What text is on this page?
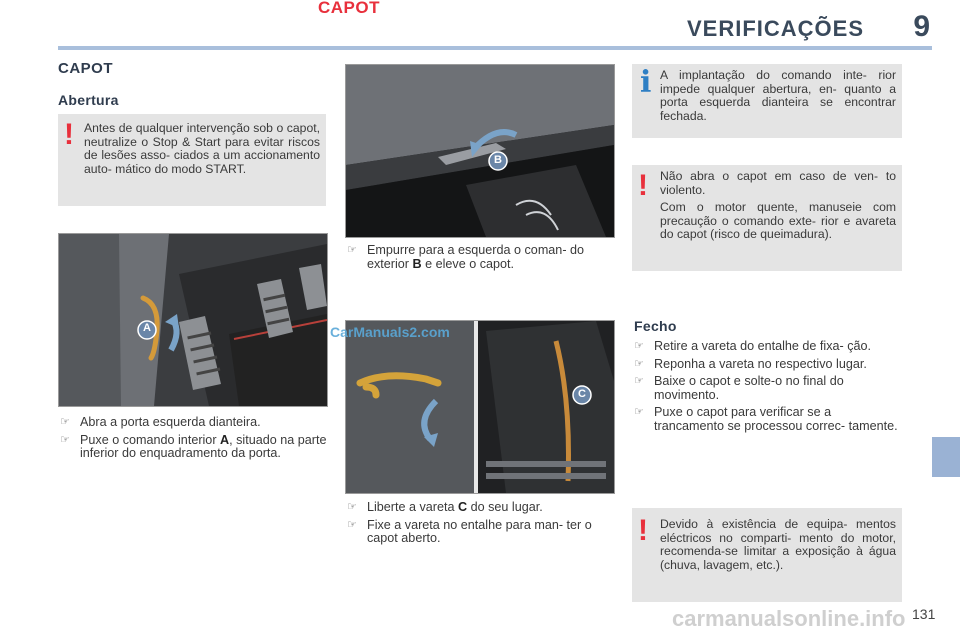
CAPOT
VERIFICAÇÕES 9
CAPOT
Abertura
! Antes de qualquer intervenção sob o capot, neutralize o Stop & Start para evitar riscos de lesões asso- ciados a um accionamento auto- mático do modo START.

A
☞ Abra a porta esquerda dianteira.
☞ Puxe o comando interior A, situado na parte inferior do enquadramento da porta.
B
☞ Empurre para a esquerda o coman- do exterior B e eleve o capot.
C
CarManuals2.com
☞ Liberte a vareta C do seu lugar.
☞ Fixe a vareta no entalhe para man- ter o capot aberto.
i A implantação do comando inte- rior impede qualquer abertura, en- quanto a porta esquerda dianteira se encontrar fechada.

! Não abra o capot em caso de ven- to violento.

Com o motor quente, manuseie com precaução o comando exte- rior e avareta do capot (risco de queimadura).

Fecho
☞ Retire a vareta do entalhe de fixa- ção.
☞ Reponha a vareta no respectivo lugar.
☞ Baixe o capot e solte-o no final do movimento.
☞ Puxe o capot para verificar se a trancamento se processou correc- tamente.
! Devido à existência de equipa- mentos eléctricos no comparti- mento do motor, recomenda-se limitar a exposição à água (chuva, lavagem, etc.).

carmanualsonline.info 131
